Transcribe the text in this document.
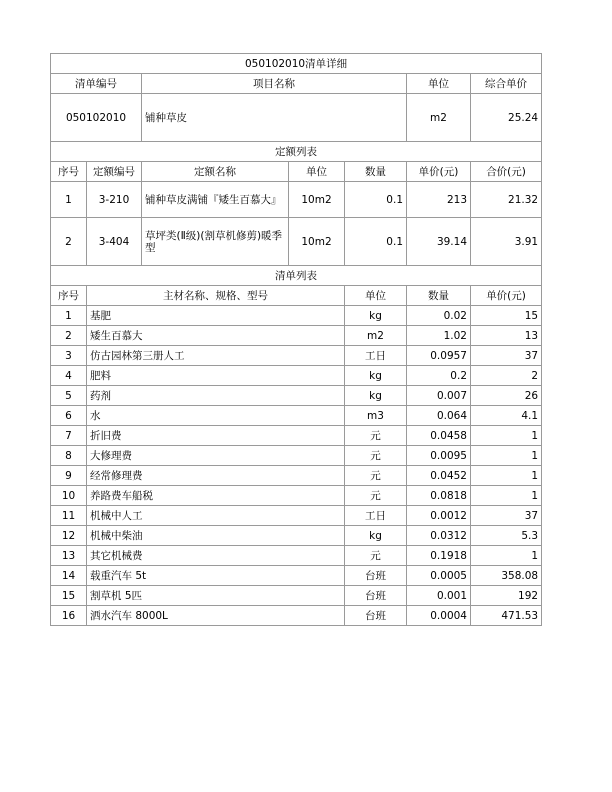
050102010清单详细							
清单编号		项目名称			单位	综合单价	
050102010		铺种草皮			m2	25.24	
定额列表							
序号	定额编号	定额名称	单位	数量	单价(元)	合价(元)	
1	3-210	铺种草皮满铺『矮生百慕大』	10m2	0.1	213	21.32	
2	3-404	草坪类(Ⅱ级)(割草机修剪)暖季型	10m2	0.1	39.14	3.91	
清单列表							
序号	主材名称、规格、型号			单位	数量	单价(元)	
1	基肥			kg	0.02	15	
2	矮生百慕大			m2	1.02	13	
3	仿古园林第三册人工			工日	0.0957	37	
4	肥料			kg	0.2	2	
5	药剂			kg	0.007	26	
6	水			m3	0.064	4.1	
7	折旧费			元	0.0458	1	
8	大修理费			元	0.0095	1	
9	经常修理费			元	0.0452	1	
10	养路费车船税			元	0.0818	1	
11	机械中人工			工日	0.0012	37	
12	机械中柴油			kg	0.0312	5.3	
13	其它机械费			元	0.1918	1	
14	载重汽车 5t			台班	0.0005	358.08	
15	割草机 5匹			台班	0.001	192	
16	洒水汽车 8000L			台班	0.0004	471.53	
